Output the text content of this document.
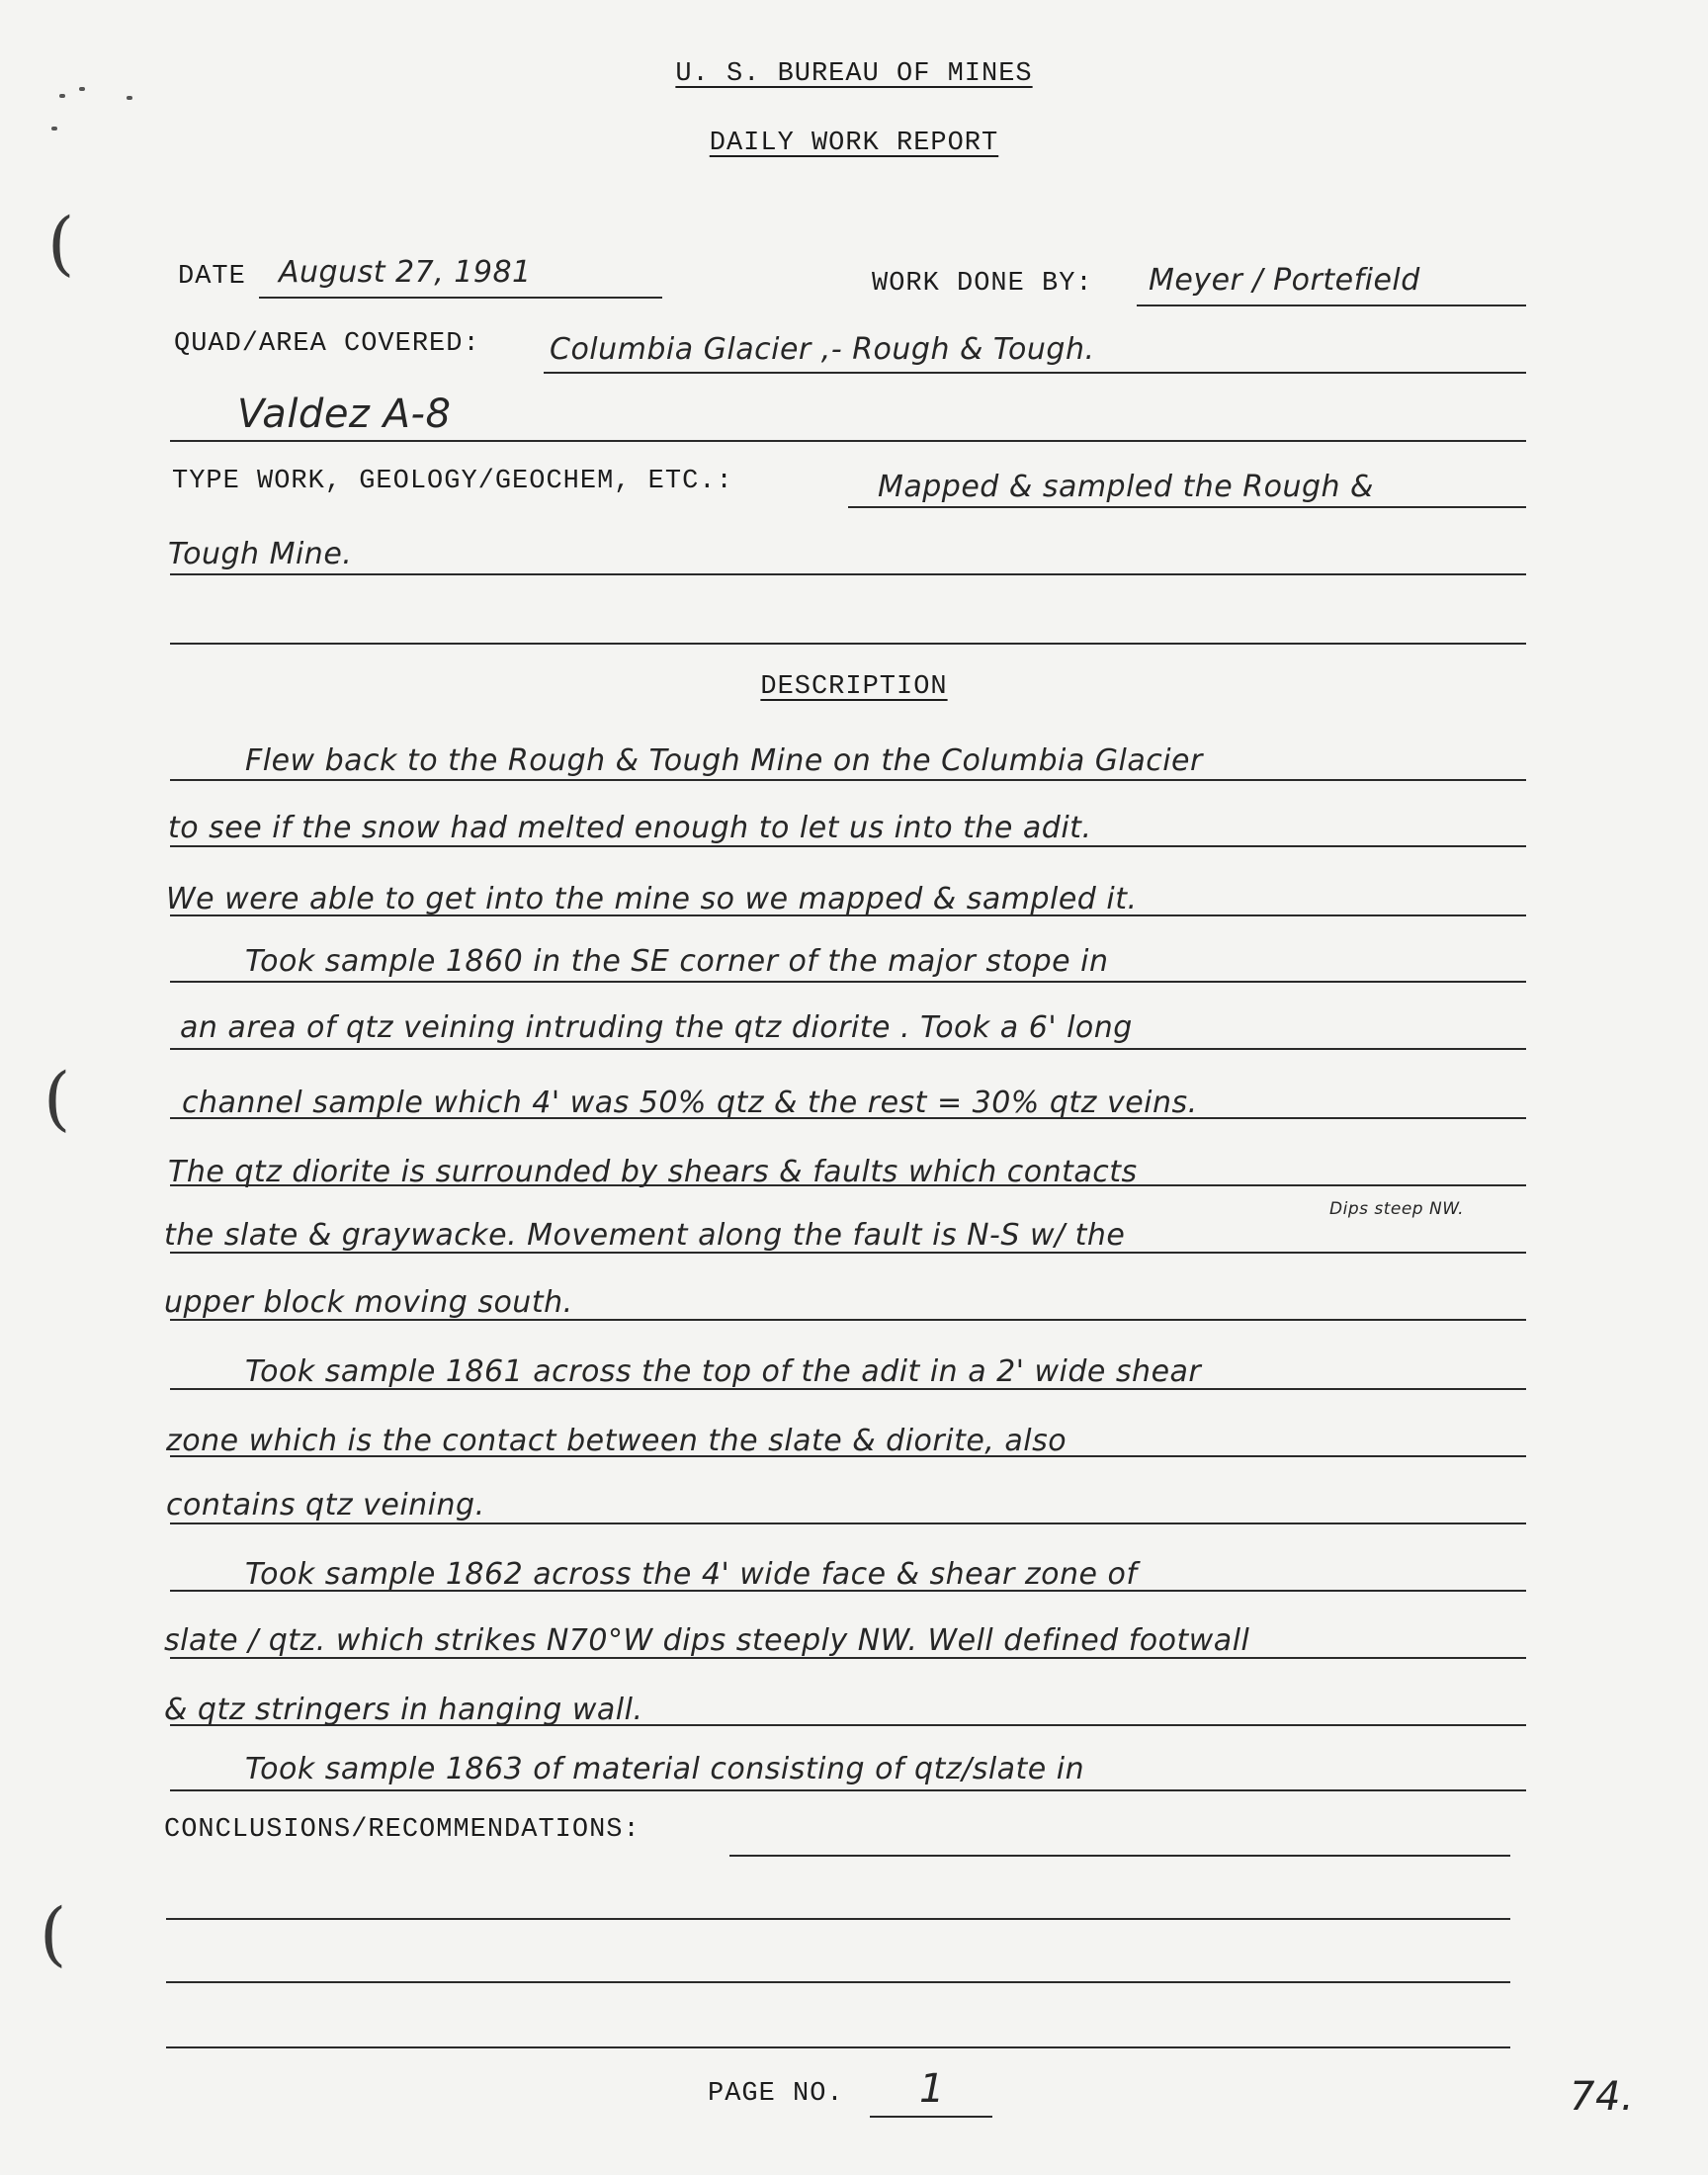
(
(
(
U. S. BUREAU OF MINES
DAILY WORK REPORT
DATE August 27, 1981	WORK DONE BY: Meyer / Portefield
QUAD/AREA COVERED: Columbia Glacier ,- Rough & Tough.
Valdez A-8
TYPE WORK, GEOLOGY/GEOCHEM, ETC.:	Mapped & sampled the Rough &
Tough Mine.
DESCRIPTION
Flew back to the Rough & Tough Mine on the Columbia Glacier
to see if the snow had melted enough to let us into the adit.
We were able to get into the mine so we mapped & sampled it.
Took sample 1860 in the SE corner of the major stope in
an area of qtz veining intruding the qtz diorite . Took a 6' long
channel sample which 4' was 50% qtz & the rest = 30% qtz veins.
The qtz diorite is surrounded by shears & faults which contacts
the slate & graywacke. Movement along the fault is N-S w/ the
upper block moving south.
Took sample 1861 across the top of the adit in a 2' wide shear
zone which is the contact between the slate & diorite, also
contains qtz veining.
Took sample 1862 across the 4' wide face & shear zone of
slate / qtz. which strikes N70°W dips steeply NW. Well defined footwall
& qtz stringers in hanging wall.
Took sample 1863 of material consisting of qtz/slate in
Dips steep NW.
CONCLUSIONS/RECOMMENDATIONS:
PAGE NO. 1	74.
